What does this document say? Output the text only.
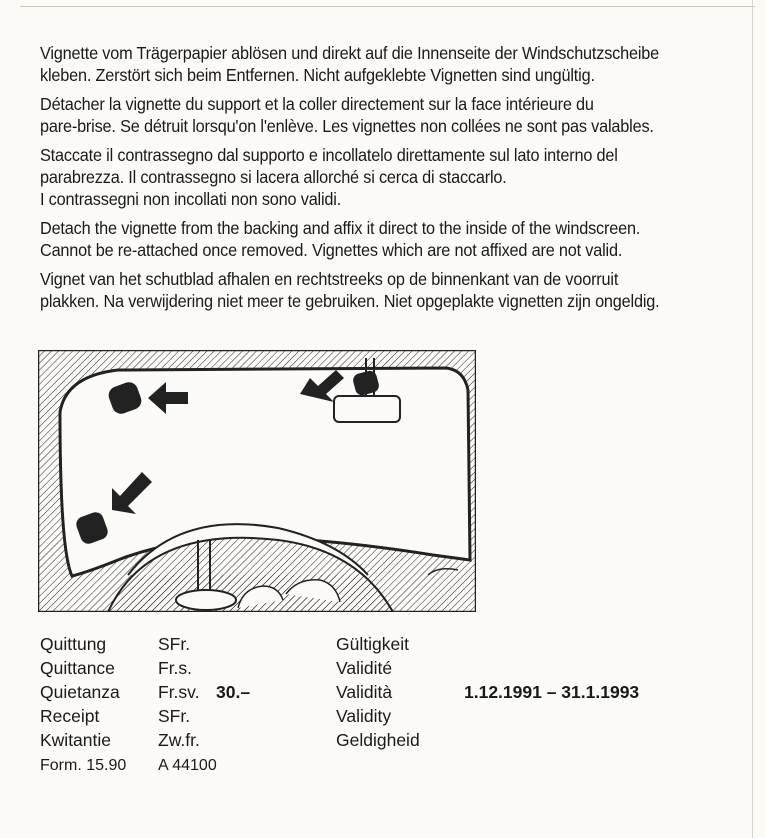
Vignette vom Trägerpapier ablösen und direkt auf die Innenseite der Windschutzscheibe
kleben. Zerstört sich beim Entfernen. Nicht aufgeklebte Vignetten sind ungültig.

Détacher la vignette du support et la coller directement sur la face intérieure du
pare-brise. Se détruit lorsqu'on l'enlève. Les vignettes non collées ne sont pas valables.

Staccate il contrassegno dal supporto e incollatelo direttamente sul lato interno del
parabrezza. Il contrassegno si lacera allorché si cerca di staccarlo.
I contrassegni non incollati non sono validi.

Detach the vignette from the backing and affix it direct to the inside of the windscreen.
Cannot be re-attached once removed. Vignettes which are not affixed are not valid.

Vignet van het schutblad afhalen en rechtstreeks op de binnenkant van de voorruit
plakken. Na verwijdering niet meer te gebruiken. Niet opgeplakte vignetten zijn ongeldig.

Quittung
Quittance
Quietanza
Receipt
Kwitantie
SFr.
Fr.s.
Fr.sv.
SFr.
Zw.fr.
30.–
Gültigkeit
Validité
Validità
Validity
Geldigheid
1.12.1991 – 31.1.1993
Form. 15.90 A 44100
